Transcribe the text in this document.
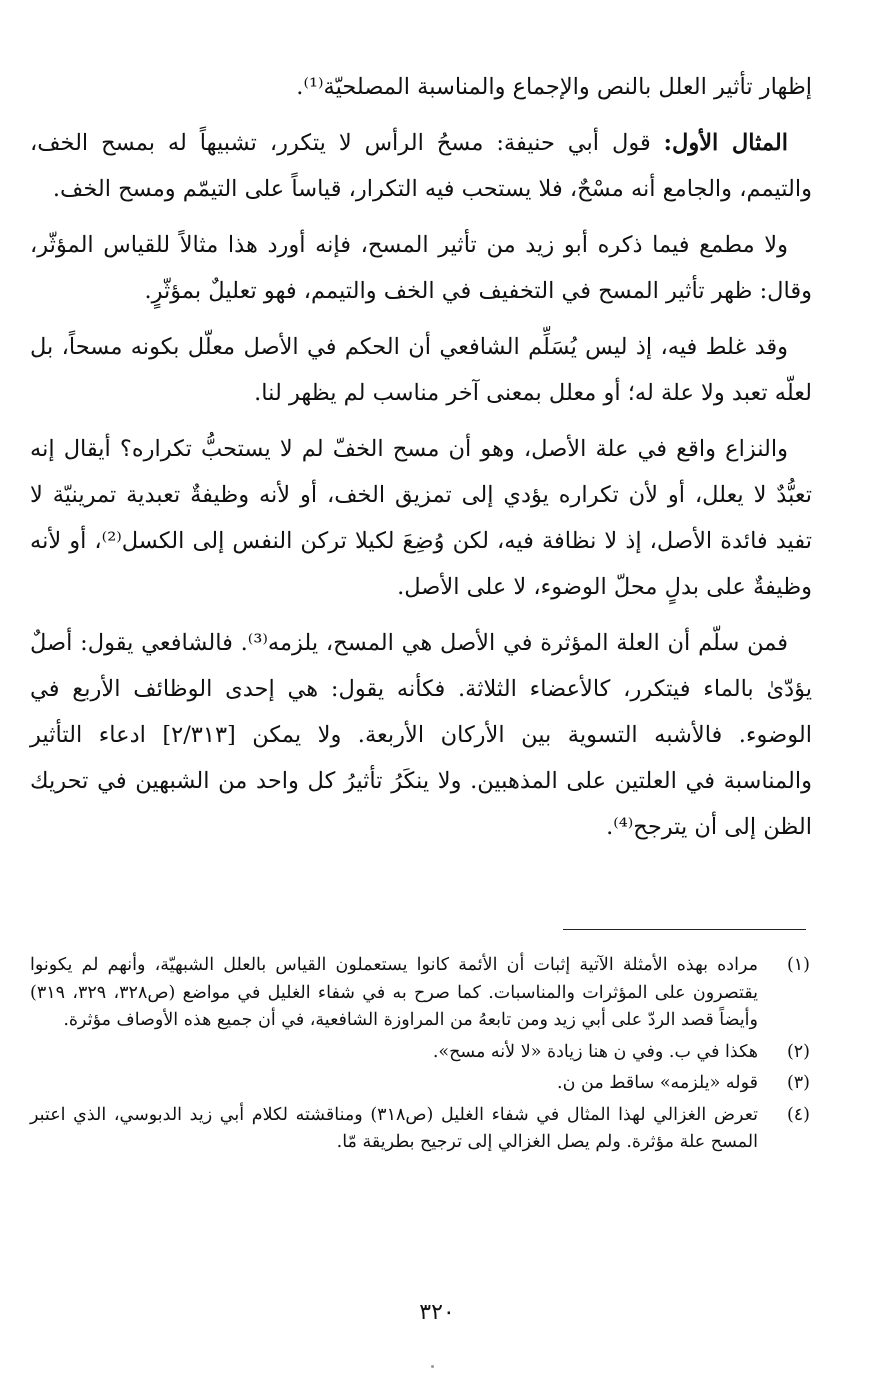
إظهار تأثير العلل بالنص والإجماع والمناسبة المصلحيّة⁽¹⁾.

المثال الأول: قول أبي حنيفة: مسحُ الرأس لا يتكرر، تشبيهاً له بمسح الخف، والتيمم، والجامع أنه مسْحٌ، فلا يستحب فيه التكرار، قياساً على التيمّم ومسح الخف.

ولا مطمع فيما ذكره أبو زيد من تأثير المسح، فإنه أورد هذا مثالاً للقياس المؤثّر، وقال: ظهر تأثير المسح في التخفيف في الخف والتيمم، فهو تعليلٌ بمؤثّرٍ.

وقد غلط فيه، إذ ليس يُسَلِّم الشافعي أن الحكم في الأصل معلّل بكونه مسحاً، بل لعلّه تعبد ولا علة له؛ أو معلل بمعنى آخر مناسب لم يظهر لنا.

والنزاع واقع في علة الأصل، وهو أن مسح الخفّ لم لا يستحبُّ تكراره؟ أيقال إنه تعبُّدٌ لا يعلل، أو لأن تكراره يؤدي إلى تمزيق الخف، أو لأنه وظيفةٌ تعبدية تمرينيّة لا تفيد فائدة الأصل، إذ لا نظافة فيه، لكن وُضِعَ لكيلا تركن النفس إلى الكسل⁽²⁾، أو لأنه وظيفةٌ على بدلٍ محلّ الوضوء، لا على الأصل.

فمن سلّم أن العلة المؤثرة في الأصل هي المسح، يلزمه⁽³⁾. فالشافعي يقول: أصلٌ يؤدّىٰ بالماء فيتكرر، كالأعضاء الثلاثة. فكأنه يقول: هي إحدى الوظائف الأربع في الوضوء. فالأشبه التسوية بين الأركان الأربعة. ولا يمكن [٢/٣١٣] ادعاء التأثير والمناسبة في العلتين على المذهبين. ولا ينكَرُ تأثيرُ كل واحد من الشبهين في تحريك الظن إلى أن يترجح⁽⁴⁾.

(١)
مراده بهذه الأمثلة الآتية إثبات أن الأئمة كانوا يستعملون القياس بالعلل الشبهيّة، وأنهم لم يكونوا يقتصرون على المؤثرات والمناسبات. كما صرح به في شفاء الغليل في مواضع (ص٣٢٨، ٣٢٩، ٣١٩) وأيضاً قصد الردّ على أبي زيد ومن تابعهُ من المراوزة الشافعية، في أن جميع هذه الأوصاف مؤثرة.
(٢)
هكذا في ب. وفي ن هنا زيادة «لا لأنه مسح».
(٣)
قوله «يلزمه» ساقط من ن.
(٤)
تعرض الغزالي لهذا المثال في شفاء الغليل (ص٣١٨) ومناقشته لكلام أبي زيد الدبوسي، الذي اعتبر المسح علة مؤثرة. ولم يصل الغزالي إلى ترجيح بطريقة مّا.
٣٢٠
